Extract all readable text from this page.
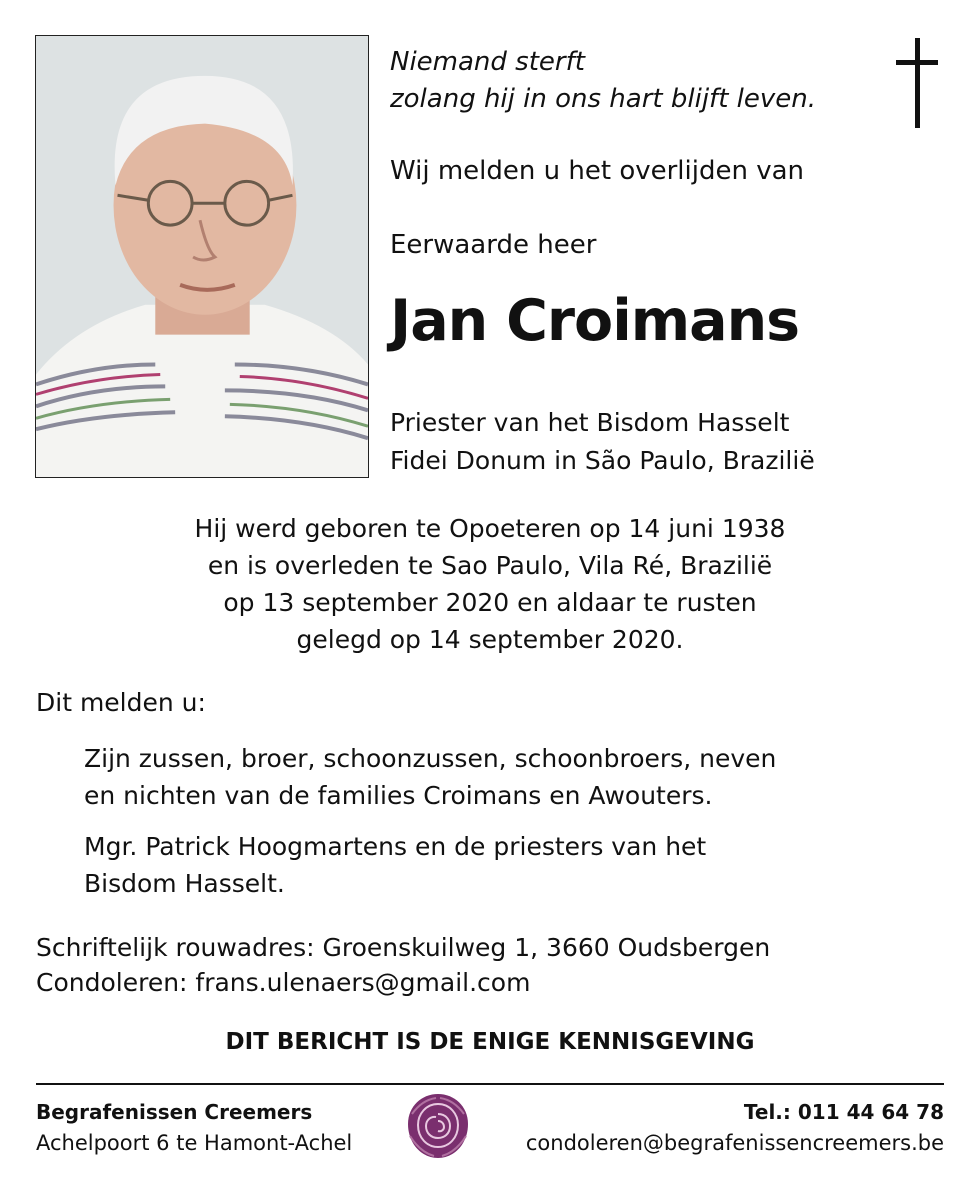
Niemand sterft
zolang hij in ons hart blijft leven.
Wij melden u het overlijden van
Eerwaarde heer
Jan Croimans
Priester van het Bisdom Hasselt
Fidei Donum in São Paulo, Brazilië
Hij werd geboren te Opoeteren op 14 juni 1938
en is overleden te Sao Paulo, Vila Ré, Brazilië
op 13 september 2020 en aldaar te rusten
gelegd op 14 september 2020.
Dit melden u:
Zijn zussen, broer, schoonzussen, schoonbroers, neven
en nichten van de families Croimans en Awouters.
Mgr. Patrick Hoogmartens en de priesters van het
Bisdom Hasselt.
Schriftelijk rouwadres: Groenskuilweg 1, 3660 Oudsbergen
Condoleren: frans.ulenaers@gmail.com
DIT BERICHT IS DE ENIGE KENNISGEVING
Begrafenissen Creemers
Achelpoort 6 te Hamont-Achel
Tel.: 011 44 64 78
condoleren@begrafenissencreemers.be
